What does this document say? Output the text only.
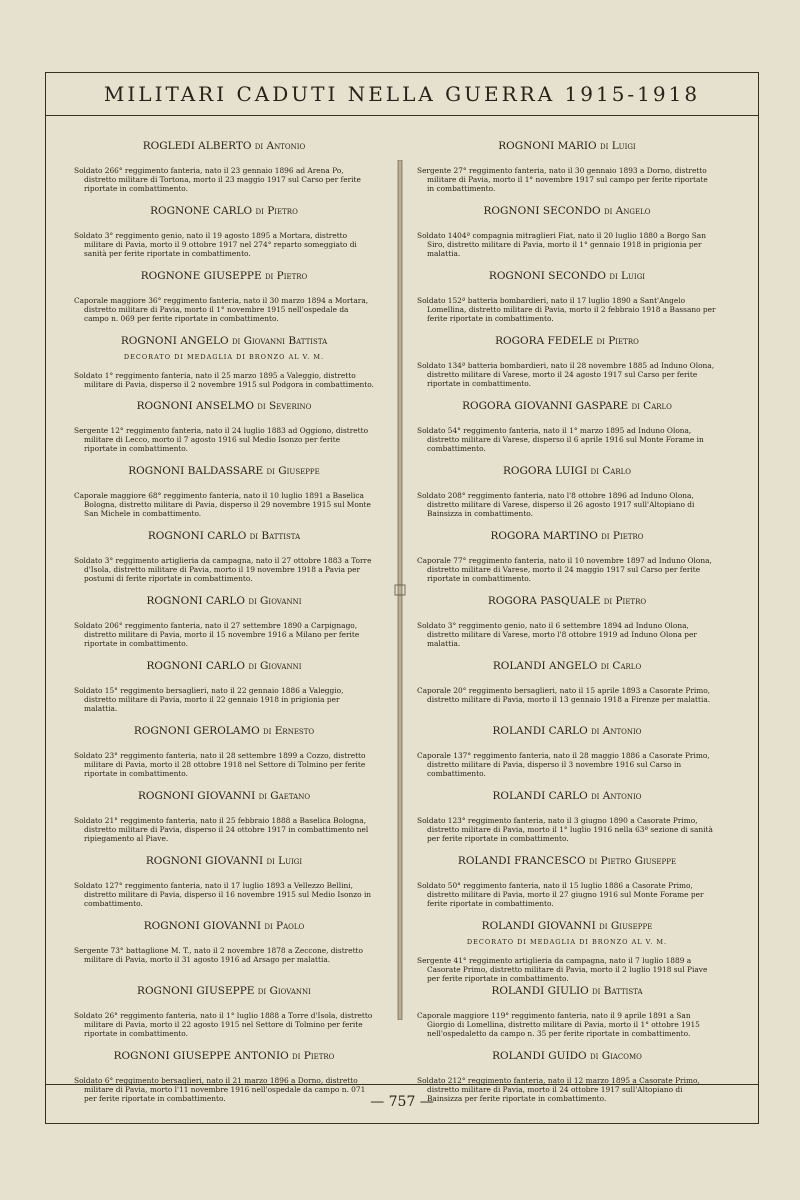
MILITARI CADUTI NELLA GUERRA 1915-1918
ROGLEDI ALBERTO di Antonio
Soldato 266° reggimento fanteria, nato il 23 gennaio 1896 ad Arena Po, distretto militare di Tortona, morto il 23 maggio 1917 sul Carso per ferite riportate in combattimento.
ROGNONE CARLO di Pietro
Soldato 3° reggimento genio, nato il 19 agosto 1895 a Mortara, distretto militare di Pavia, morto il 9 ottobre 1917 nel 274° reparto someggiato di sanità per ferite riportate in combattimento.
ROGNONE GIUSEPPE di Pietro
Caporale maggiore 36° reggimento fanteria, nato il 30 marzo 1894 a Mortara, distretto militare di Pavia, morto il 1° novembre 1915 nell'ospedale da campo n. 069 per ferite riportate in combattimento.
ROGNONI ANGELO di Giovanni Battista
DECORATO DI MEDAGLIA DI BRONZO AL V. M.
Soldato 1° reggimento fanteria, nato il 25 marzo 1895 a Valeggio, distretto militare di Pavia, disperso il 2 novembre 1915 sul Podgora in combattimento.
ROGNONI ANSELMO di Severino
Sergente 12° reggimento fanteria, nato il 24 luglio 1883 ad Oggiono, distretto militare di Lecco, morto il 7 agosto 1916 sul Medio Isonzo per ferite riportate in combattimento.
ROGNONI BALDASSARE di Giuseppe
Caporale maggiore 68° reggimento fanteria, nato il 10 luglio 1891 a Baselica Bologna, distretto militare di Pavia, disperso il 29 novembre 1915 sul Monte San Michele in combattimento.
ROGNONI CARLO di Battista
Soldato 3° reggimento artiglieria da campagna, nato il 27 ottobre 1883 a Torre d'Isola, distretto militare di Pavia, morto il 19 novembre 1918 a Pavia per postumi di ferite riportate in combattimento.
ROGNONI CARLO di Giovanni
Soldato 206° reggimento fanteria, nato il 27 settembre 1890 a Carpignago, distretto militare di Pavia, morto il 15 novembre 1916 a Milano per ferite riportate in combattimento.
ROGNONI CARLO di Giovanni
Soldato 15° reggimento bersaglieri, nato il 22 gennaio 1886 a Valeggio, distretto militare di Pavia, morto il 22 gennaio 1918 in prigionia per malattia.
ROGNONI GEROLAMO di Ernesto
Soldato 23° reggimento fanteria, nato il 28 settembre 1899 a Cozzo, distretto militare di Pavia, morto il 28 ottobre 1918 nel Settore di Tolmino per ferite riportate in combattimento.
ROGNONI GIOVANNI di Gaetano
Soldato 21° reggimento fanteria, nato il 25 febbraio 1888 a Baselica Bologna, distretto militare di Pavia, disperso il 24 ottobre 1917 in combattimento nel ripiegamento al Piave.
ROGNONI GIOVANNI di Luigi
Soldato 127° reggimento fanteria, nato il 17 luglio 1893 a Vellezzo Bellini, distretto militare di Pavia, disperso il 16 novembre 1915 sul Medio Isonzo in combattimento.
ROGNONI GIOVANNI di Paolo
Sergente 73° battaglione M. T., nato il 2 novembre 1878 a Zeccone, distretto militare di Pavia, morto il 31 agosto 1916 ad Arsago per malattia.
ROGNONI GIUSEPPE di Giovanni
Soldato 26° reggimento fanteria, nato il 1° luglio 1888 a Torre d'Isola, distretto militare di Pavia, morto il 22 agosto 1915 nel Settore di Tolmino per ferite riportate in combattimento.
ROGNONI GIUSEPPE ANTONIO di Pietro
Soldato 6° reggimento bersaglieri, nato il 21 marzo 1896 a Dorno, distretto militare di Pavia, morto l'11 novembre 1916 nell'ospedale da campo n. 071 per ferite riportate in combattimento.
ROGNONI MARIO di Luigi
Sergente 27° reggimento fanteria, nato il 30 gennaio 1893 a Dorno, distretto militare di Pavia, morto il 1° novembre 1917 sul campo per ferite riportate in combattimento.
ROGNONI SECONDO di Angelo
Soldato 1404ª compagnia mitraglieri Fiat, nato il 20 luglio 1880 a Borgo San Siro, distretto militare di Pavia, morto il 1° gennaio 1918 in prigionia per malattia.
ROGNONI SECONDO di Luigi
Soldato 152ª batteria bombardieri, nato il 17 luglio 1890 a Sant'Angelo Lomellina, distretto militare di Pavia, morto il 2 febbraio 1918 a Bassano per ferite riportate in combattimento.
ROGORA FEDELE di Pietro
Soldato 134ª batteria bombardieri, nato il 28 novembre 1885 ad Induno Olona, distretto militare di Varese, morto il 24 agosto 1917 sul Carso per ferite riportate in combattimento.
ROGORA GIOVANNI GASPARE di Carlo
Soldato 54° reggimento fanteria, nato il 1° marzo 1895 ad Induno Olona, distretto militare di Varese, disperso il 6 aprile 1916 sul Monte Forame in combattimento.
ROGORA LUIGI di Carlo
Soldato 208° reggimento fanteria, nato l'8 ottobre 1896 ad Induno Olona, distretto militare di Varese, disperso il 26 agosto 1917 sull'Altopiano di Bainsizza in combattimento.
ROGORA MARTINO di Pietro
Caporale 77° reggimento fanteria, nato il 10 novembre 1897 ad Induno Olona, distretto militare di Varese, morto il 24 maggio 1917 sul Carso per ferite riportate in combattimento.
ROGORA PASQUALE di Pietro
Soldato 3° reggimento genio, nato il 6 settembre 1894 ad Induno Olona, distretto militare di Varese, morto l'8 ottobre 1919 ad Induno Olona per malattia.
ROLANDI ANGELO di Carlo
Caporale 20° reggimento bersaglieri, nato il 15 aprile 1893 a Casorate Primo, distretto militare di Pavia, morto il 13 gennaio 1918 a Firenze per malattia.
ROLANDI CARLO di Antonio
Caporale 137° reggimento fanteria, nato il 28 maggio 1886 a Casorate Primo, distretto militare di Pavia, disperso il 3 novembre 1916 sul Carso in combattimento.
ROLANDI CARLO di Antonio
Soldato 123° reggimento fanteria, nato il 3 giugno 1890 a Casorate Primo, distretto militare di Pavia, morto il 1° luglio 1916 nella 63ª sezione di sanità per ferite riportate in combattimento.
ROLANDI FRANCESCO di Pietro Giuseppe
Soldato 50° reggimento fanteria, nato il 15 luglio 1886 a Casorate Primo, distretto militare di Pavia, morto il 27 giugno 1916 sul Monte Forame per ferite riportate in combattimento.
ROLANDI GIOVANNI di Giuseppe
DECORATO DI MEDAGLIA DI BRONZO AL V. M.
Sergente 41° reggimento artiglieria da campagna, nato il 7 luglio 1889 a Casorate Primo, distretto militare di Pavia, morto il 2 luglio 1918 sul Piave per ferite riportate in combattimento.
ROLANDI GIULIO di Battista
Caporale maggiore 119° reggimento fanteria, nato il 9 aprile 1891 a San Giorgio di Lomellina, distretto militare di Pavia, morto il 1° ottobre 1915 nell'ospedaletto da campo n. 35 per ferite riportate in combattimento.
ROLANDI GUIDO di Giacomo
Soldato 212° reggimento fanteria, nato il 12 marzo 1895 a Casorate Primo, distretto militare di Pavia, morto il 24 ottobre 1917 sull'Altopiano di Bainsizza per ferite riportate in combattimento.
— 757 —
